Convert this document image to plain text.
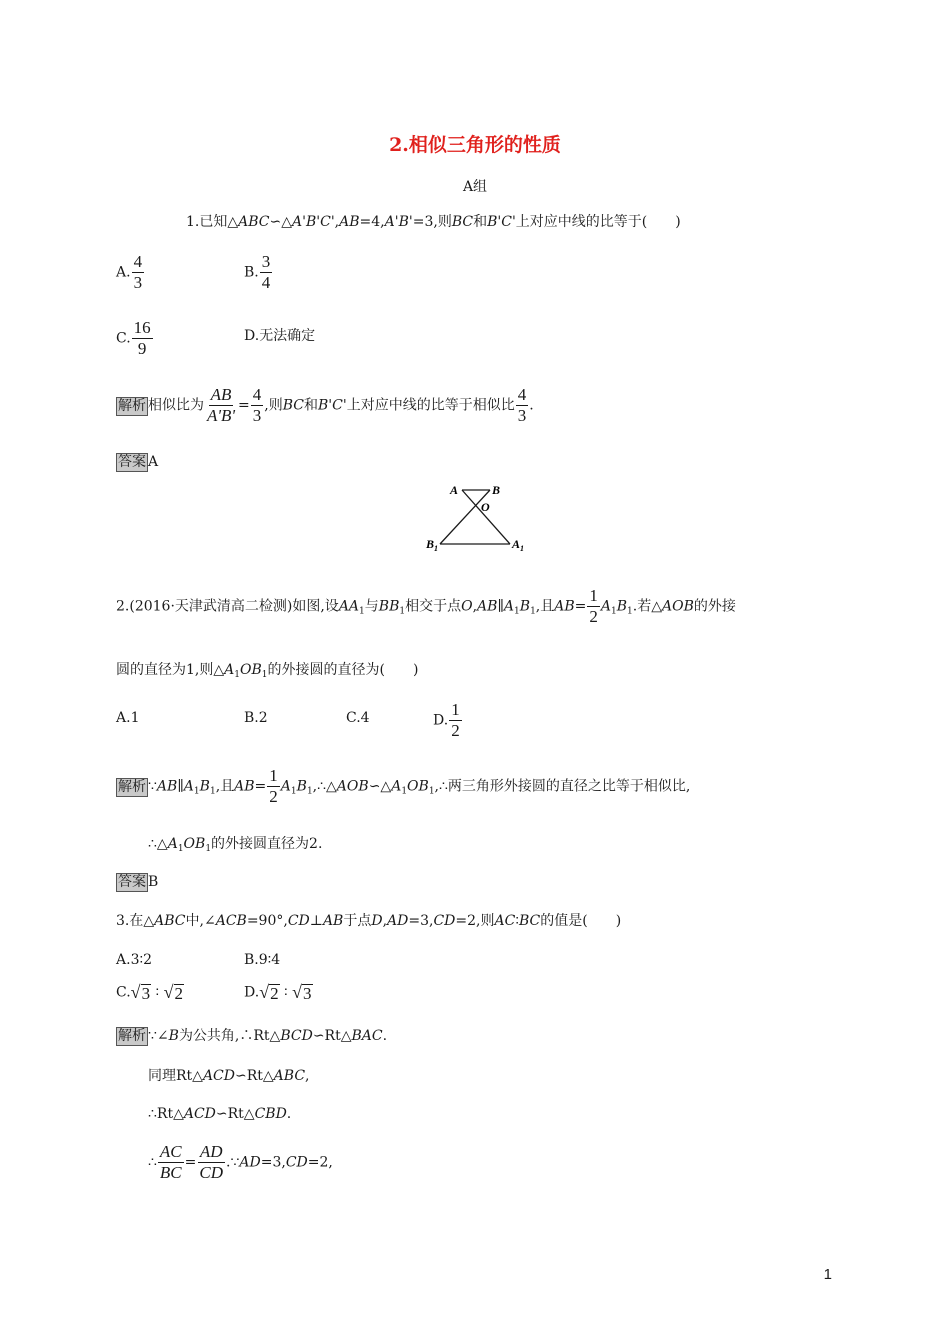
2.相似三角形的性质
A组
1.已知△ABC∽△A'B'C',AB=4,A'B'=3,则BC和B'C'上对应中线的比等于(　　)
A. $\frac{4}{3}$	B. $\frac{3}{4}$
C. $\frac{16}{9}$	D.无法确定
解析 相似比为 $\frac{AB}{A'B'} = \frac{4}{3}$ ,则BC和B'C'上对应中线的比等于相似比 $\frac{4}{3}$ .
答案 A
A	B
O
$B_1$	$A_1$
2.(2016·天津武清高二检测)如图,设$AA_1$与$BB_1$相交于点$O,AB\parallel A_1B_1$,且$AB= \frac{1}{2} A_1B_1$.若△AOB的外接
圆的直径为1,则$\triangle A_1OB_1$的外接圆的直径为(　　)
A.1	B.2	C.4	D. $\frac{1}{2}$
解析 $\because AB\parallel A_1B_1$,且$AB= \frac{1}{2}$ $A_1B_1,\therefore\triangle AOB∽\triangle A_1OB_1,\therefore$两三角形外接圆的直径之比等于相似比,
$\therefore\triangle A_1OB_1$的外接圆直径为2.
答案 B
3.在△ABC中,∠ACB=90°,CD⊥AB于点D,AD=3,CD=2,则AC∶BC的值是(　　)
A.3∶2	B.9∶4
C. √ 3 ∶ √ 2	D. √ 2 ∶ √ 3
解析 ∵∠B为公共角,∴Rt△BCD∽Rt△BAC.
同理Rt△ACD∽Rt△ABC,
∴Rt△ACD∽Rt△CBD.
∴ $\frac{AC}{BC} = \frac{AD}{CD}$ .∵AD=3,CD=2,
1
